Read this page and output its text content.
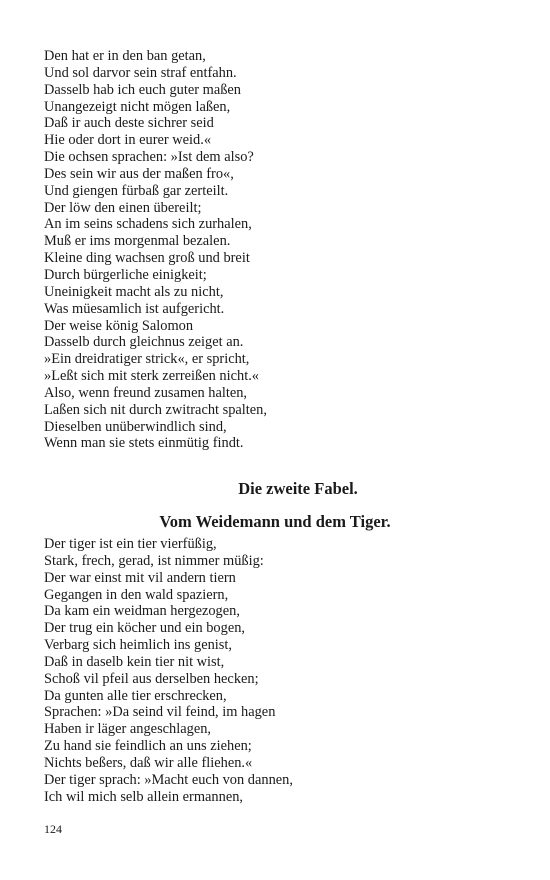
Den hat er in den ban getan,
Und sol darvor sein straf entfahn.
Dasselb hab ich euch guter maßen
Unangezeigt nicht mögen laßen,
Daß ir auch deste sichrer seid
Hie oder dort in eurer weid.«
Die ochsen sprachen: »Ist dem also?
Des sein wir aus der maßen fro«,
Und giengen fürbaß gar zerteilt.
Der löw den einen übereilt;
An im seins schadens sich zurhalen,
Muß er ims morgenmal bezalen.
Kleine ding wachsen groß und breit
Durch bürgerliche einigkeit;
Uneinigkeit macht als zu nicht,
Was müesamlich ist aufgericht.
Der weise könig Salomon
Dasselb durch gleichnus zeiget an.
»Ein dreidratiger strick«, er spricht,
»Leßt sich mit sterk zerreißen nicht.«
Also, wenn freund zusamen halten,
Laßen sich nit durch zwitracht spalten,
Dieselben unüberwindlich sind,
Wenn man sie stets einmütig findt.
Die zweite Fabel.
Vom Weidemann und dem Tiger.
Der tiger ist ein tier vierfüßig,
Stark, frech, gerad, ist nimmer müßig:
Der war einst mit vil andern tiern
Gegangen in den wald spaziern,
Da kam ein weidman hergezogen,
Der trug ein köcher und ein bogen,
Verbarg sich heimlich ins genist,
Daß in daselb kein tier nit wist,
Schoß vil pfeil aus derselben hecken;
Da gunten alle tier erschrecken,
Sprachen: »Da seind vil feind, im hagen
Haben ir läger angeschlagen,
Zu hand sie feindlich an uns ziehen;
Nichts beßers, daß wir alle fliehen.«
Der tiger sprach: »Macht euch von dannen,
Ich wil mich selb allein ermannen,
124
